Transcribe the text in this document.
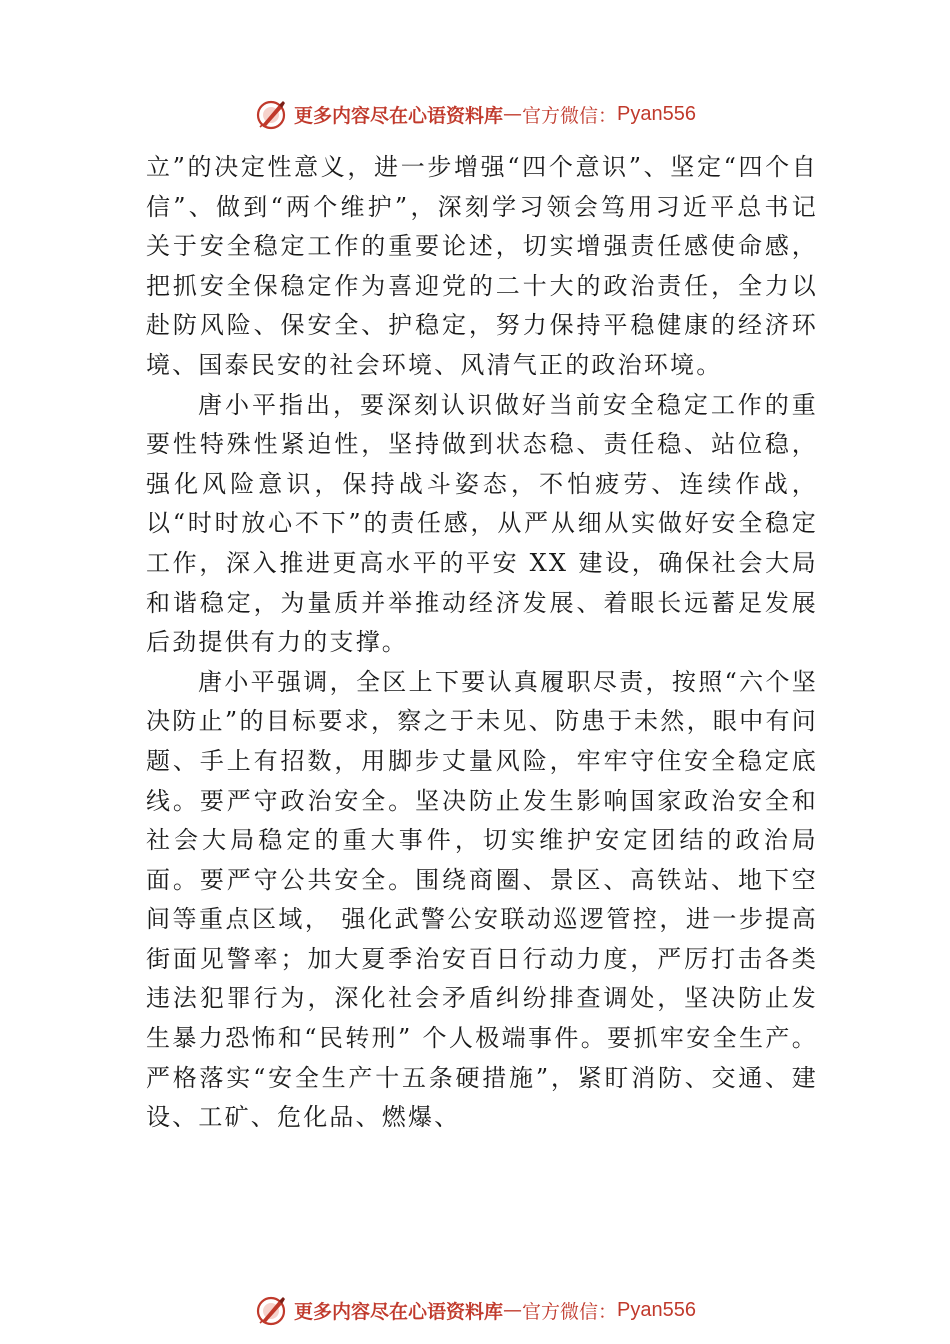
更多内容尽在心语资料库 — 官方微信： Pyan556

立”的决定性意义，进一步增强“四个意识”、坚定“四个自信”、做到“两个维护”，深刻学习领会笃用习近平总书记关于安全稳定工作的重要论述，切实增强责任感使命感，把抓安全保稳定作为喜迎党的二十大的政治责任，全力以赴防风险、保安全、护稳定，努力保持平稳健康的经济环境、国泰民安的社会环境、风清气正的政治环境。

唐小平指出，要深刻认识做好当前安全稳定工作的重要性特殊性紧迫性，坚持做到状态稳、责任稳、站位稳，强化风险意识，保持战斗姿态，不怕疲劳、连续作战，以“时时放心不下”的责任感，从严从细从实做好安全稳定工作，深入推进更高水平的平安 XX 建设，确保社会大局和谐稳定，为量质并举推动经济发展、着眼长远蓄足发展后劲提供有力的支撑。

唐小平强调，全区上下要认真履职尽责，按照“六个坚决防止”的目标要求，察之于未见、防患于未然，眼中有问题、手上有招数，用脚步丈量风险，牢牢守住安全稳定底线。要严守政治安全。坚决防止发生影响国家政治安全和社会大局稳定的重大事件，切实维护安定团结的政治局面。要严守公共安全。围绕商圈、景区、高铁站、地下空间等重点区域， 强化武警公安联动巡逻管控，进一步提高街面见警率；加大夏季治安百日行动力度，严厉打击各类违法犯罪行为，深化社会矛盾纠纷排查调处，坚决防止发生暴力恐怖和“民转刑” 个人极端事件。要抓牢安全生产。严格落实“安全生产十五条硬措施”，紧盯消防、交通、建设、工矿、危化品、燃爆、

更多内容尽在心语资料库 — 官方微信： Pyan556
